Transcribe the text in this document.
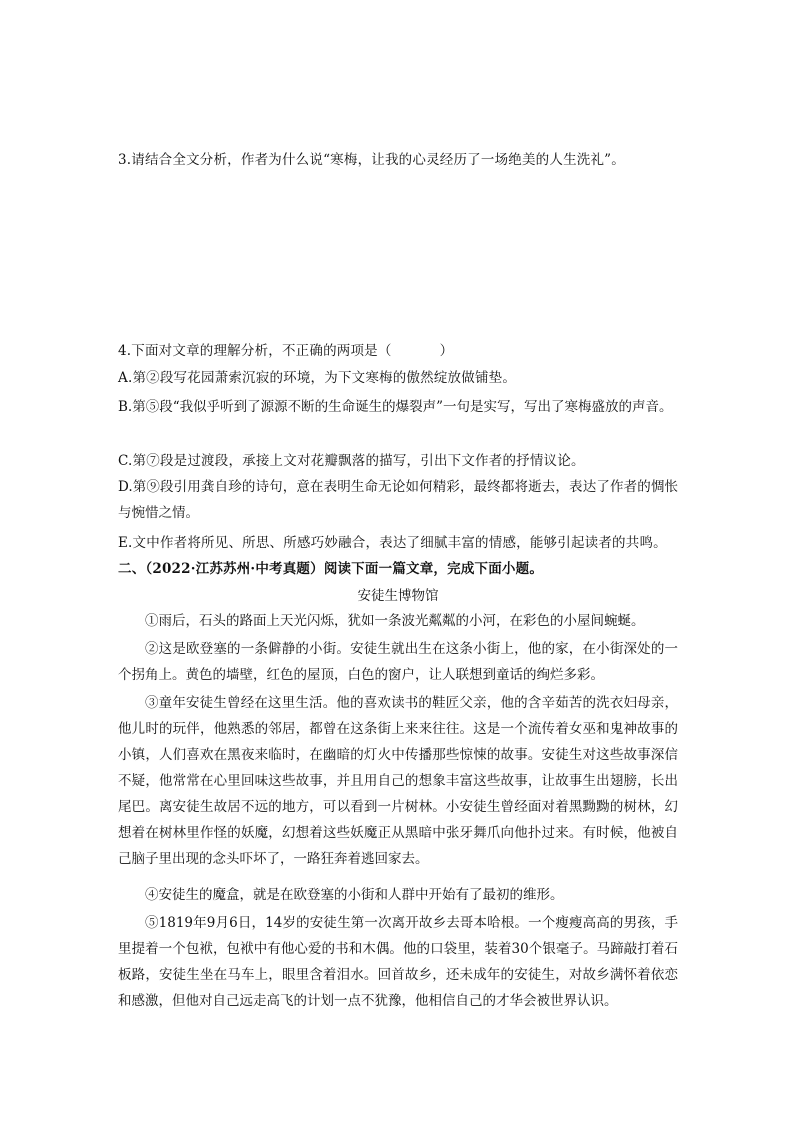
3.请结合全文分析，作者为什么说“寒梅，让我的心灵经历了一场绝美的人生洗礼”。
4.下面对文章的理解分析，不正确的两项是（	）
A.第②段写花园萧索沉寂的环境，为下文寒梅的傲然绽放做铺垫。
B.第⑤段“我似乎听到了源源不断的生命诞生的爆裂声”一句是实写，写出了寒梅盛放的声音。
C.第⑦段是过渡段，承接上文对花瓣飘落的描写，引出下文作者的抒情议论。
D.第⑨段引用龚自珍的诗句，意在表明生命无论如何精彩，最终都将逝去，表达了作者的惆怅与惋惜之情。
E.文中作者将所见、所思、所感巧妙融合，表达了细腻丰富的情感，能够引起读者的共鸣。
二、（2022·江苏苏州·中考真题）阅读下面一篇文章，完成下面小题。
安徒生博物馆
①雨后，石头的路面上天光闪烁，犹如一条波光粼粼的小河，在彩色的小屋间蜿蜒。
②这是欧登塞的一条僻静的小街。安徒生就出生在这条小街上，他的家，在小街深处的一个拐角上。黄色的墙壁，红色的屋顶，白色的窗户，让人联想到童话的绚烂多彩。
③童年安徒生曾经在这里生活。他的喜欢读书的鞋匠父亲，他的含辛茹苦的洗衣妇母亲，他儿时的玩伴，他熟悉的邻居，都曾在这条街上来来往往。这是一个流传着女巫和鬼神故事的小镇，人们喜欢在黑夜来临时，在幽暗的灯火中传播那些惊悚的故事。安徒生对这些故事深信不疑，他常常在心里回味这些故事，并且用自己的想象丰富这些故事，让故事生出翅膀，长出尾巴。离安徒生故居不远的地方，可以看到一片树林。小安徒生曾经面对着黑黝黝的树林，幻想着在树林里作怪的妖魔，幻想着这些妖魔正从黑暗中张牙舞爪向他扑过来。有时候，他被自己脑子里出现的念头吓坏了，一路狂奔着逃回家去。
④安徒生的魔盒，就是在欧登塞的小街和人群中开始有了最初的维形。
⑤1819年9月6日，14岁的安徒生第一次离开故乡去哥本哈根。一个瘦瘦高高的男孩，手里提着一个包袱，包袱中有他心爱的书和木偶。他的口袋里，装着30个银毫子。马蹄敲打着石板路，安徒生坐在马车上，眼里含着泪水。回首故乡，还未成年的安徒生，对故乡满怀着依恋和感激，但他对自己远走高飞的计划一点不犹豫，他相信自己的才华会被世界认识。
